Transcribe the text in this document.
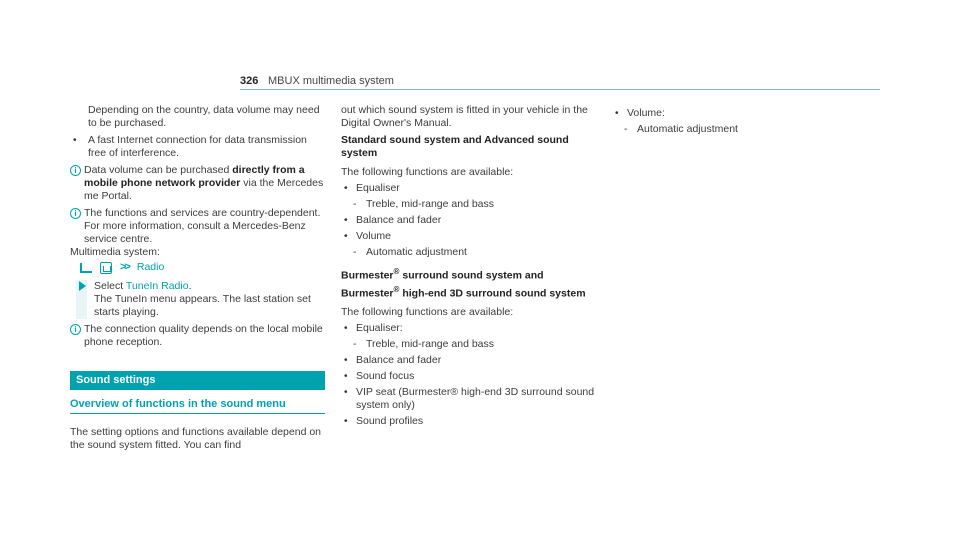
326 MBUX multimedia system
Depending on the country, data volume may need to be purchased.
• A fast Internet connection for data transmission free of interference.
i Data volume can be purchased directly from a mobile phone network provider via the Mercedes me Portal.
i The functions and services are country-dependent. For more information, consult a Mercedes-Benz service centre.
Multimedia system:
>> Radio
Select TuneIn Radio.
The TuneIn menu appears. The last station set starts playing.
i The connection quality depends on the local mobile phone reception.
Sound settings
Overview of functions in the sound menu
The setting options and functions available depend on the sound system fitted. You can find
out which sound system is fitted in your vehicle in the Digital Owner's Manual.
Standard sound system and Advanced sound system
The following functions are available:
• Equaliser
- Treble, mid-range and bass
• Balance and fader
• Volume
- Automatic adjustment
Burmester® surround sound system and
Burmester® high-end 3D surround sound system
The following functions are available:
• Equaliser:
- Treble, mid-range and bass
• Balance and fader
• Sound focus
• VIP seat (Burmester® high-end 3D surround sound system only)
• Sound profiles
• Volume:
- Automatic adjustment
